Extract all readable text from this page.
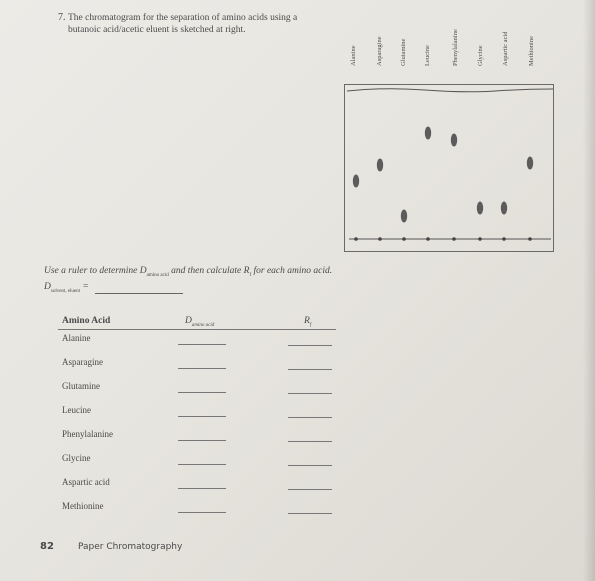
7. The chromatogram for the separation of amino acids using a butanoic acid/acetic eluent is sketched at right.
Alanine	Asparagine	Glutamine	Leucine	Phenylalanine	Glycine	Aspartic acid	Methionine
Use a ruler to determine $D_{amino acid}$ and then calculate $R_f$ for each amino acid.
$D_{solvent, eluent}$ =
Amino Acid	$D_{amino acid}$	$R_f$
Alanine
Asparagine
Glutamine
Leucine
Phenylalanine
Glycine
Aspartic acid
Methionine
82	Paper Chromatography
